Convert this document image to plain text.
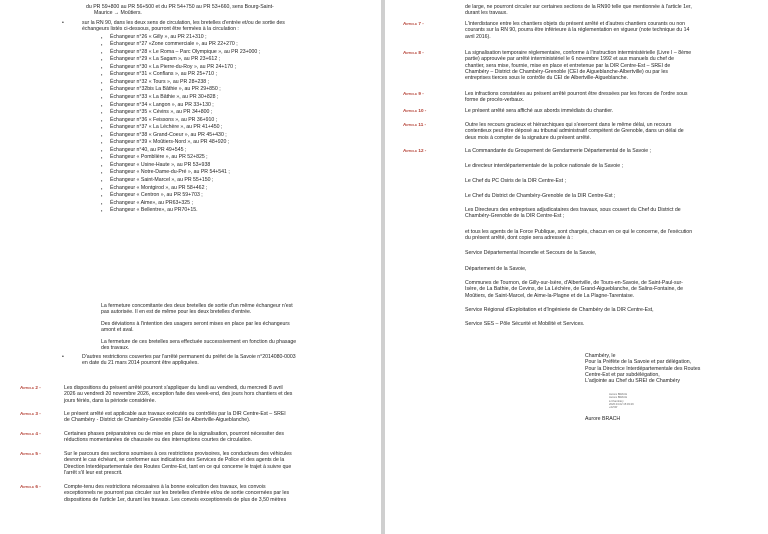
du PR 59+800 au PR 56+500 et du PR 54+750 au PR 53+660, sens Bourg-Saint-

Maurice → Moûtiers.

•	sur la RN 90, dans les deux sens de circulation, les bretelles d'entrée et/ou de sortie des

échangeurs listés ci-dessous, pourront être fermées à la circulation :

▪ Échangeur n°26 « Gilly », au PR 21+310 ;
▪ Échangeur n°27 «Zone commerciale », au PR 22+270 ;
▪ Échangeur n°28 « Le Roma – Parc Olympique », au PR 23+000 ;
▪ Échangeur n°29 « La Sagam », au PR 23+612 ;
▪ Échangeur n°30 « La Pierre-du-Roy », au PR 24+170 ;
▪ Échangeur n°31 « Conflans », au PR 25+710 ;
▪ Échangeur n°32 « Tours », au PR 28+238 ;
▪ Échangeur n°32bis La Bâthie », au PR 29+850 ;
▪ Échangeur n°33 « La Bâthie », au PR 30+828 ;
▪ Échangeur n°34 « Langon », au PR 33+130 ;
▪ Échangeur n°35 « Cévins », au PR 34+800 ;
▪ Échangeur n°36 « Feissons », au PR 36+910 ;
▪ Échangeur n°37 « La Léchère », au PR 41+450 ;
▪ Échangeur n°38 « Grand-Coeur », au PR 45+430 ;
▪ Échangeur n°39 « Moûtiers-Nord », au PR 48+920 ;
▪ Échangeur n°40, au PR 49+545 ;
▪ Échangeur « Pomblière », au PR 52+825 ;
▪ Échangeur « Usine-Haute », au PR 53+938
▪ Échangeur « Notre-Dame-du-Pré », au PR 54+541 ;
▪ Échangeur « Saint-Marcel », au PR 55+150 ;
▪ Échangeur « Montgirod », au PR 58+462 ;
▪ Échangeur « Centron », au PR 59+703 ;
▪ Échangeur « Aime», au PR63+325 ;
▪ Échangeur « Bellentre», au PR70+15.

La fermeture concomitante des deux bretelles de sortie d'un même échangeur n'est

pas autorisée. Il en est de même pour les deux bretelles d'entrée.

Des déviations à l'intention des usagers seront mises en place par les échangeurs

amont et aval.

La fermeture de ces bretelles sera effectuée successivement en fonction du phasage

des travaux.

•	D'autres restrictions couvertes par l'arrêté permanent du préfet de la Savoie n°2014080-0003

en date du 21 mars 2014 pourront être appliquées.

Article 2 -	Les dispositions du présent arrêté pourront s'appliquer du lundi au vendredi, du mercredi 8 avril

2026 au vendredi 20 novembre 2026, exception faite des week-end, des jours hors chantiers et des

jours fériés, dans la période considérée.

Article 3 -	Le présent arrêté est applicable aux travaux exécutés ou contrôlés par la DIR Centre-Est – SREI

de Chambéry - District de Chambéry-Grenoble (CEI de Albertville-Aigueblanche).

Article 4 -	Certaines phases préparatoires ou de mise en place de la signalisation, pourront nécessiter des

réductions momentanées de chaussée ou des interruptions courtes de circulation.

Article 5 -	Sur le parcours des sections soumises à ces restrictions provisoires, les conducteurs des véhicules

devront le cas échéant, se conformer aux indications des Services de Police et des agents de la

Direction Interdépartementale des Routes Centre-Est, tant en ce qui concerne le trajet à suivre que

l'arrêt s'il leur est prescrit.

Article 6 -	Compte-tenu des restrictions nécessaires à la bonne exécution des travaux, les convois

exceptionnels ne pourront pas circuler sur les bretelles d'entrée et/ou de sortie concernées par les

dispositions de l'article 1er, durant les travaux. Les convois exceptionnels de plus de 3,50 mètres

de large, ne pourront circuler sur certaines sections de la RN90 telle que mentionnée à l'article 1er,

durant les travaux.

Article 7 -	L'interdistance entre les chantiers objets du présent arrêté et d'autres chantiers courants ou non

courants sur la RN 90, pourra être inférieure à la réglementation en vigueur (note technique du 14

avril 2016).

Article 8 -	La signalisation temporaire réglementaire, conforme à l'instruction interministérielle (Livre I – 8ème

partie) approuvée par arrêté interministériel le 6 novembre 1992 et aux manuels du chef de

chantier, sera mise, fournie, mise en place et entretenue par la DIR Centre-Est – SREI de

Chambéry – District de Chambéry-Grenoble (CEI de Aigueblanche-Albertville) ou par les

entreprises tierces sous le contrôle du CEI de Albertville-Aigueblanche.

Article 9 -	Les infractions constatées au présent arrêté pourront être dressées par les forces de l'ordre sous

forme de procès-verbaux.

Article 10 -	Le présent arrêté sera affiché aux abords immédiats du chantier.

Article 11 -	Outre les recours gracieux et hiérarchiques qui s'exercent dans le même délai, un recours

contentieux peut être déposé au tribunal administratif compétent de Grenoble, dans un délai de

deux mois à compter de la signature du présent arrêté.

Article 12 -	La Commandante du Groupement de Gendarmerie Départemental de la Savoie ;

Le directeur interdépartementale de la police nationale de la Savoie ;

Le Chef du PC Osiris de la DIR Centre-Est ;

Le Chef du District de Chambéry-Grenoble de la DIR Centre-Est ;

Les Directeurs des entreprises adjudicataires des travaux, sous couvert du Chef du District de
Chambéry-Grenoble de la DIR Centre-Est ;

et tous les agents de la Force Publique, sont chargés, chacun en ce qui le concerne, de l'exécution
du présent arrêté, dont copie sera adressée à :

Service Départemental Incendie et Secours de la Savoie,

Département de la Savoie,

Communes de Tournon, de Gilly-sur-Isère, d'Albertville, de Tours-en-Savoie, de Saint-Paul-sur-
Isère, de La Bathie, de Cevins, de La Léchère, de Grand-Aigueblanche, de Salins-Fontaine, de
Moûtiers, de Saint-Marcel, de Aime-la-Plagne et de La Plagne-Tarentaise.

Service Régional d'Exploitation et d'Ingénierie de Chambéry de la DIR Centre-Est,

Service SES – Pôle Sécurité et Mobilité et Services.

Chambéry, le

Pour la Préfète de la Savoie et par délégation,

Pour la Directrice Interdépartementale des Routes

Centre-Est et par subdélégation,

L'adjointe au Chef du SREI de Chambéry

Aurore BRACH

Aurore BRACH

à Chambéry

2026.04.02 15:03:29

+02'00'

Aurore BRACH
